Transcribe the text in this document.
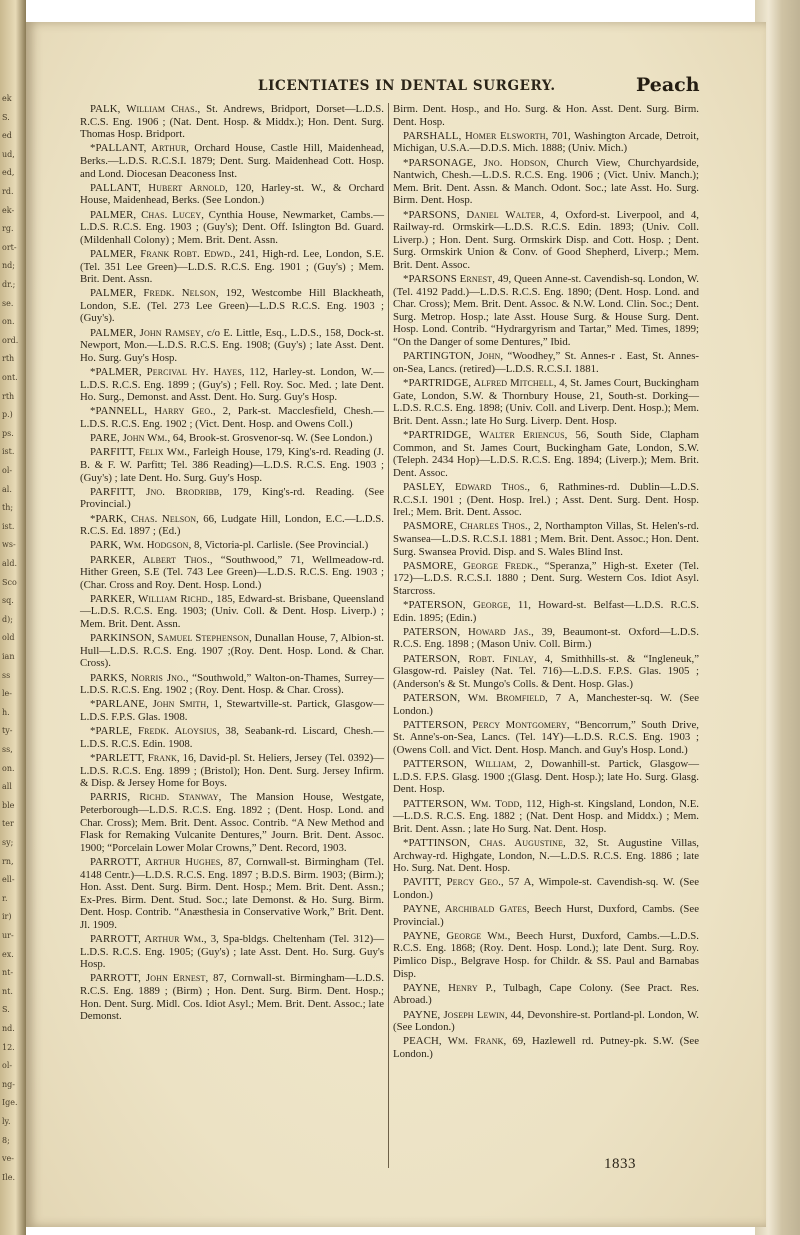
ek
S.
ed
ud,
ed,
rd.
ek-
rg.
ort-
nd;
dr.;
se.
on.
ord.
rth
ont.
rth
p.)
ps.
ist.
ol-
al.
th;
ist.
ws-
ald.
Sco
sq.
d);
old
ian
ss
le-
h.
ty-
ss,
on.
all
ble
ter
sy;
rn,
ell-
r.
ir)
ur-
ex.
nt-
nt.
S.
nd.
12.
ol-
ng-
Ige.
ly.
8;
ve-
Ile.
LICENTIATES IN DENTAL SURGERY.	Peach

PALK, William Chas., St. Andrews, Bridport, Dorset—L.D.S. R.C.S. Eng. 1906 ; (Nat. Dent. Hosp. & Middx.); Hon. Dent. Surg. Thomas Hosp. Bridport.

*PALLANT, Arthur, Orchard House, Castle Hill, Maidenhead, Berks.—L.D.S. R.C.S.I. 1879; Dent. Surg. Maidenhead Cott. Hosp. and Lond. Diocesan Deaconess Inst.

PALLANT, Hubert Arnold, 120, Harley-st. W., & Orchard House, Maidenhead, Berks. (See London.)

PALMER, Chas. Lucey, Cynthia House, Newmarket, Cambs.—L.D.S. R.C.S. Eng. 1903 ; (Guy's); Dent. Off. Islington Bd. Guard. (Mildenhall Colony) ; Mem. Brit. Dent. Assn.

PALMER, Frank Robt. Edwd., 241, High-rd. Lee, London, S.E. (Tel. 351 Lee Green)—L.D.S. R.C.S. Eng. 1901 ; (Guy's) ; Mem. Brit. Dent. Assn.

PALMER, Fredk. Nelson, 192, Westcombe Hill Blackheath, London, S.E. (Tel. 273 Lee Green)—L.D.S R.C.S. Eng. 1903 ; (Guy's).

PALMER, John Ramsey, c/o E. Little, Esq., L.D.S., 158, Dock-st. Newport, Mon.—L.D.S. R.C.S. Eng. 1908; (Guy's) ; late Asst. Dent. Ho. Surg. Guy's Hosp.

*PALMER, Percival Hy. Hayes, 112, Harley-st. London, W.—L.D.S. R.C.S. Eng. 1899 ; (Guy's) ; Fell. Roy. Soc. Med. ; late Dent. Ho. Surg., Demonst. and Asst. Dent. Ho. Surg. Guy's Hosp.

*PANNELL, Harry Geo., 2, Park-st. Macclesfield, Chesh.—L.D.S. R.C.S. Eng. 1902 ; (Vict. Dent. Hosp. and Owens Coll.)

PARE, John Wm., 64, Brook-st. Grosvenor-sq. W. (See London.)

PARFITT, Felix Wm., Farleigh House, 179, King's-rd. Reading (J. B. & F. W. Parfitt; Tel. 386 Reading)—L.D.S. R.C.S. Eng. 1903 ; (Guy's) ; late Dent. Ho. Surg. Guy's Hosp.

PARFITT, Jno. Brodribb, 179, King's-rd. Reading. (See Provincial.)

*PARK, Chas. Nelson, 66, Ludgate Hill, London, E.C.—L.D.S. R.C.S. Ed. 1897 ; (Ed.)

PARK, Wm. Hodgson, 8, Victoria-pl. Carlisle. (See Provincial.)

PARKER, Albert Thos., “Southwood,” 71, Wellmeadow-rd. Hither Green, S.E (Tel. 743 Lee Green)—L.D.S. R.C.S. Eng. 1903 ; (Char. Cross and Roy. Dent. Hosp. Lond.)

PARKER, William Richd., 185, Edward-st. Brisbane, Queensland—L.D.S. R.C.S. Eng. 1903; (Univ. Coll. & Dent. Hosp. Liverp.) ; Mem. Brit. Dent. Assn.

PARKINSON, Samuel Stephenson, Dunallan House, 7, Albion-st. Hull—L.D.S. R.C.S. Eng. 1907 ;(Roy. Dent. Hosp. Lond. & Char. Cross).

PARKS, Norris Jno., “Southwold,” Walton-on-Thames, Surrey—L.D.S. R.C.S. Eng. 1902 ; (Roy. Dent. Hosp. & Char. Cross).

*PARLANE, John Smith, 1, Stewartville-st. Partick, Glasgow—L.D.S. F.P.S. Glas. 1908.

*PARLE, Fredk. Aloysius, 38, Seabank-rd. Liscard, Chesh.—L.D.S. R.C.S. Edin. 1908.

*PARLETT, Frank, 16, David-pl. St. Heliers, Jersey (Tel. 0392)—L.D.S. R.C.S. Eng. 1899 ; (Bristol); Hon. Dent. Surg. Jersey Infirm. & Disp. & Jersey Home for Boys.

PARRIS, Richd. Stanway, The Mansion House, Westgate, Peterborough—L.D.S. R.C.S. Eng. 1892 ; (Dent. Hosp. Lond. and Char. Cross); Mem. Brit. Dent. Assoc. Contrib. “A New Method and Flask for Remaking Vulcanite Dentures,” Journ. Brit. Dent. Assoc. 1900; “Porcelain Lower Molar Crowns,” Dent. Record, 1903.

PARROTT, Arthur Hughes, 87, Cornwall-st. Birmingham (Tel. 4148 Centr.)—L.D.S. R.C.S. Eng. 1897 ; B.D.S. Birm. 1903; (Birm.); Hon. Asst. Dent. Surg. Birm. Dent. Hosp.; Mem. Brit. Dent. Assn.; Ex-Pres. Birm. Dent. Stud. Soc.; late Demonst. & Ho. Surg. Birm. Dent. Hosp. Contrib. “Anæsthesia in Conservative Work,” Brit. Dent. Jl. 1909.

PARROTT, Arthur Wm., 3, Spa-bldgs. Cheltenham (Tel. 312)—L.D.S. R.C.S. Eng. 1905; (Guy's) ; late Asst. Dent. Ho. Surg. Guy's Hosp.

PARROTT, John Ernest, 87, Cornwall-st. Birmingham—L.D.S. R.C.S. Eng. 1889 ; (Birm) ; Hon. Dent. Surg. Birm. Dent. Hosp.; Hon. Dent. Surg. Midl. Cos. Idiot Asyl.; Mem. Brit. Dent. Assoc.; late Demonst.

Birm. Dent. Hosp., and Ho. Surg. & Hon. Asst. Dent. Surg. Birm. Dent. Hosp.

PARSHALL, Homer Elsworth, 701, Washington Arcade, Detroit, Michigan, U.S.A.—D.D.S. Mich. 1888; (Univ. Mich.)

*PARSONAGE, Jno. Hodson, Church View, Churchyardside, Nantwich, Chesh.—L.D.S. R.C.S. Eng. 1906 ; (Vict. Univ. Manch.); Mem. Brit. Dent. Assn. & Manch. Odont. Soc.; late Asst. Ho. Surg. Birm. Dent. Hosp.

*PARSONS, Daniel Walter, 4, Oxford-st. Liverpool, and 4, Railway-rd. Ormskirk—L.D.S. R.C.S. Edin. 1893; (Univ. Coll. Liverp.) ; Hon. Dent. Surg. Ormskirk Disp. and Cott. Hosp. ; Dent. Surg. Ormskirk Union & Conv. of Good Shepherd, Liverp.; Mem. Brit. Dent. Assoc.

*PARSONS Ernest, 49, Queen Anne-st. Cavendish-sq. London, W. (Tel. 4192 Padd.)—L.D.S. R.C.S. Eng. 1890; (Dent. Hosp. Lond. and Char. Cross); Mem. Brit. Dent. Assoc. & N.W. Lond. Clin. Soc.; Dent. Surg. Metrop. Hosp.; late Asst. House Surg. & House Surg. Dent. Hosp. Lond. Contrib. “Hydrargyrism and Tartar,” Med. Times, 1899; “On the Danger of some Dentures,” Ibid.

PARTINGTON, John, “Woodhey,” St. Annes-r . East, St. Annes-on-Sea, Lancs. (retired)—L.D.S. R.C.S.I. 1881.

*PARTRIDGE, Alfred Mitchell, 4, St. James Court, Buckingham Gate, London, S.W. & Thornbury House, 21, South-st. Dorking—L.D.S. R.C.S. Eng. 1898; (Univ. Coll. and Liverp. Dent. Hosp.); Mem. Brit. Dent. Assn.; late Ho Surg. Liverp. Dent. Hosp.

*PARTRIDGE, Walter Eriencus, 56, South Side, Clapham Common, and St. James Court, Buckingham Gate, London, S.W. (Teleph. 2434 Hop)—L.D.S. R.C.S. Eng. 1894; (Liverp.); Mem. Brit. Dent. Assoc.

PASLEY, Edward Thos., 6, Rathmines-rd. Dublin—L.D.S. R.C.S.I. 1901 ; (Dent. Hosp. Irel.) ; Asst. Dent. Surg. Dent. Hosp. Irel.; Mem. Brit. Dent. Assoc.

PASMORE, Charles Thos., 2, Northampton Villas, St. Helen's-rd. Swansea—L.D.S. R.C.S.I. 1881 ; Mem. Brit. Dent. Assoc.; Hon. Dent. Surg. Swansea Provid. Disp. and S. Wales Blind Inst.

PASMORE, George Fredk., “Speranza,” High-st. Exeter (Tel. 172)—L.D.S. R.C.S.I. 1880 ; Dent. Surg. Western Cos. Idiot Asyl. Starcross.

*PATERSON, George, 11, Howard-st. Belfast—L.D.S. R.C.S. Edin. 1895; (Edin.)

PATERSON, Howard Jas., 39, Beaumont-st. Oxford—L.D.S. R.C.S. Eng. 1898 ; (Mason Univ. Coll. Birm.)

PATERSON, Robt. Finlay, 4, Smithhills-st. & “Ingleneuk,” Glasgow-rd. Paisley (Nat. Tel. 716)—L.D.S. F.P.S. Glas. 1905 ; (Anderson's & St. Mungo's Colls. & Dent. Hosp. Glas.)

PATERSON, Wm. Bromfield, 7 A, Manchester-sq. W. (See London.)

PATTERSON, Percy Montgomery, “Bencorrum,” South Drive, St. Anne's-on-Sea, Lancs. (Tel. 14Y)—L.D.S. R.C.S. Eng. 1903 ; (Owens Coll. and Vict. Dent. Hosp. Manch. and Guy's Hosp. Lond.)

PATTERSON, William, 2, Dowanhill-st. Partick, Glasgow—L.D.S. F.P.S. Glasg. 1900 ;(Glasg. Dent. Hosp.); late Ho. Surg. Glasg. Dent. Hosp.

PATTERSON, Wm. Todd, 112, High-st. Kingsland, London, N.E.—L.D.S. R.C.S. Eng. 1882 ; (Nat. Dent Hosp. and Middx.) ; Mem. Brit. Dent. Assn. ; late Ho Surg. Nat. Dent. Hosp.

*PATTINSON, Chas. Augustine, 32, St. Augustine Villas, Archway-rd. Highgate, London, N.—L.D.S. R.C.S. Eng. 1886 ; late Ho. Surg. Nat. Dent. Hosp.

PAVITT, Percy Geo., 57 A, Wimpole-st. Cavendish-sq. W. (See London.)

PAYNE, Archibald Gates, Beech Hurst, Duxford, Cambs. (See Provincial.)

PAYNE, George Wm., Beech Hurst, Duxford, Cambs.—L.D.S. R.C.S. Eng. 1868; (Roy. Dent. Hosp. Lond.); late Dent. Surg. Roy. Pimlico Disp., Belgrave Hosp. for Childr. & SS. Paul and Barnabas Disp.

PAYNE, Henry P., Tulbagh, Cape Colony. (See Pract. Res. Abroad.)

PAYNE, Joseph Lewin, 44, Devonshire-st. Portland-pl. London, W. (See London.)

PEACH, Wm. Frank, 69, Hazlewell rd. Putney-pk. S.W. (See London.)

1833
